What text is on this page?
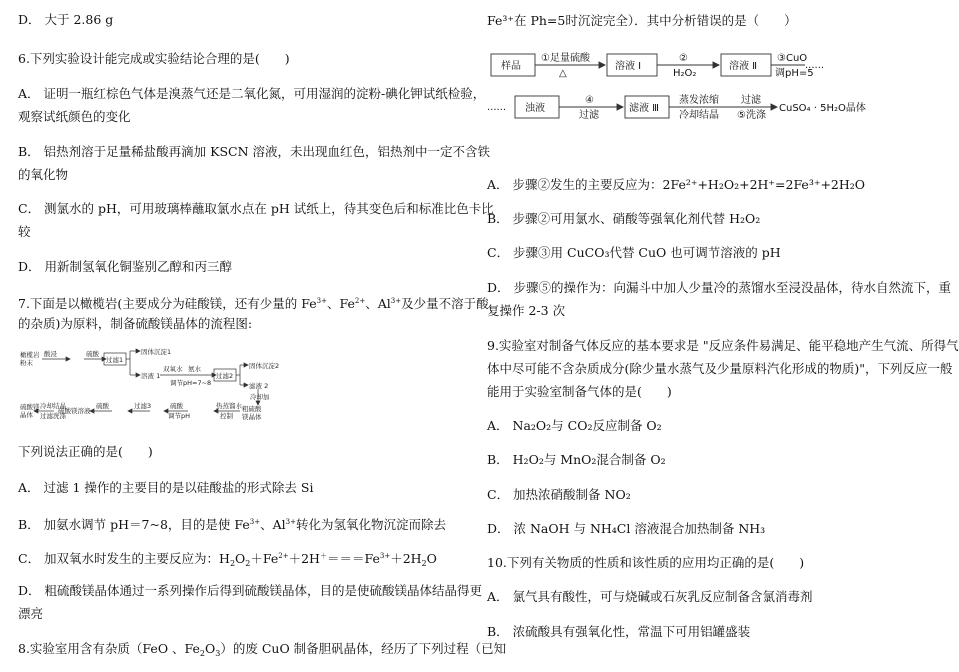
D． 大于 2.86 g
6.下列实验设计能完成或实验结论合理的是(　　)
A． 证明一瓶红棕色气体是溴蒸气还是二氧化氮，可用湿润的淀粉-碘化钾试纸检验，
观察试纸颜色的变化
B． 铝热剂溶于足量稀盐酸再滴加 KSCN 溶液，未出现血红色，铝热剂中一定不含铁
的氧化物
C． 测氯水的 pH，可用玻璃棒蘸取氯水点在 pH 试纸上，待其变色后和标准比色卡比
较
D． 用新制氢氧化铜鉴别乙醇和丙三醇
7.下面是以橄榄岩(主要成分为硅酸镁，还有少量的 $Fe^{3+}$、$Fe^{2+}$、$Al^{3+}$及少量不溶于酸
的杂质)为原料，制备硫酸镁晶体的流程图:
橄榄岩
粉末
酸浸	硫酸
过滤1
固体沉淀1
溶液 1
双氧水 氨水
调节pH=7~8
过滤2
固体沉淀2
滤液 2
冷却加
粗硫酸
镁晶体
硫酸镁
晶体
冷却结晶
过滤洗涤
硫酸镁溶液
硫酸	过滤3	硫酸
调节pH
热蒸馏水
控制
下列说法正确的是(　　)
A． 过滤 1 操作的主要目的是以硅酸盐的形式除去 Si
B． 加氨水调节 pH＝7~8，目的是使 $Fe^{3+}$、$Al^{3+}$转化为氢氧化物沉淀而除去
C． 加双氧水时发生的主要反应为：$H_2O_2+Fe^{2+}+2H^+===Fe^{3+}+2H_2O$
D． 粗硫酸镁晶体通过一系列操作后得到硫酸镁晶体，目的是使硫酸镁晶体结晶得更
漂亮
8.实验室用含有杂质（FeO 、$Fe_2O_3$）的废 CuO 制备胆矾晶体，经历了下列过程（已知
Fe³⁺在 Ph=5时沉淀完全）．其中分析错误的是（　　）
样品
①足量硫酸
△
溶液 Ⅰ
②
H₂O₂
溶液 Ⅱ
③CuO
调pH=5
......
...... 浊液
④
过滤
滤液 Ⅲ
蒸发浓缩
冷却结晶
过滤
⑤洗涤
CuSO₄ · 5H₂O晶体
A． 步骤②发生的主要反应为：2Fe²⁺+H₂O₂+2H⁺=2Fe³⁺+2H₂O
B． 步骤②可用氯水、硝酸等强氧化剂代替 H₂O₂
C． 步骤③用 CuCO₃代替 CuO 也可调节溶液的 pH
D． 步骤⑤的操作为：向漏斗中加人少量冷的蒸馏水至浸没晶体，待水自然流下，重
复操作 2-3 次
9.实验室对制备气体反应的基本要求是 "反应条件易满足、能平稳地产生气流、所得气
体中尽可能不含杂质成分(除少量水蒸气及少量原料汽化形成的物质)"，下列反应一般
能用于实验室制备气体的是(　　)
A． Na₂O₂与 CO₂反应制备 O₂
B． H₂O₂与 MnO₂混合制备 O₂
C． 加热浓硝酸制备 NO₂
D． 浓 NaOH 与 NH₄Cl 溶液混合加热制备 NH₃
10.下列有关物质的性质和该性质的应用均正确的是(　　)
A． 氯气具有酸性，可与烧碱或石灰乳反应制备含氯消毒剂
B． 浓硫酸具有强氧化性，常温下可用铝罐盛装
